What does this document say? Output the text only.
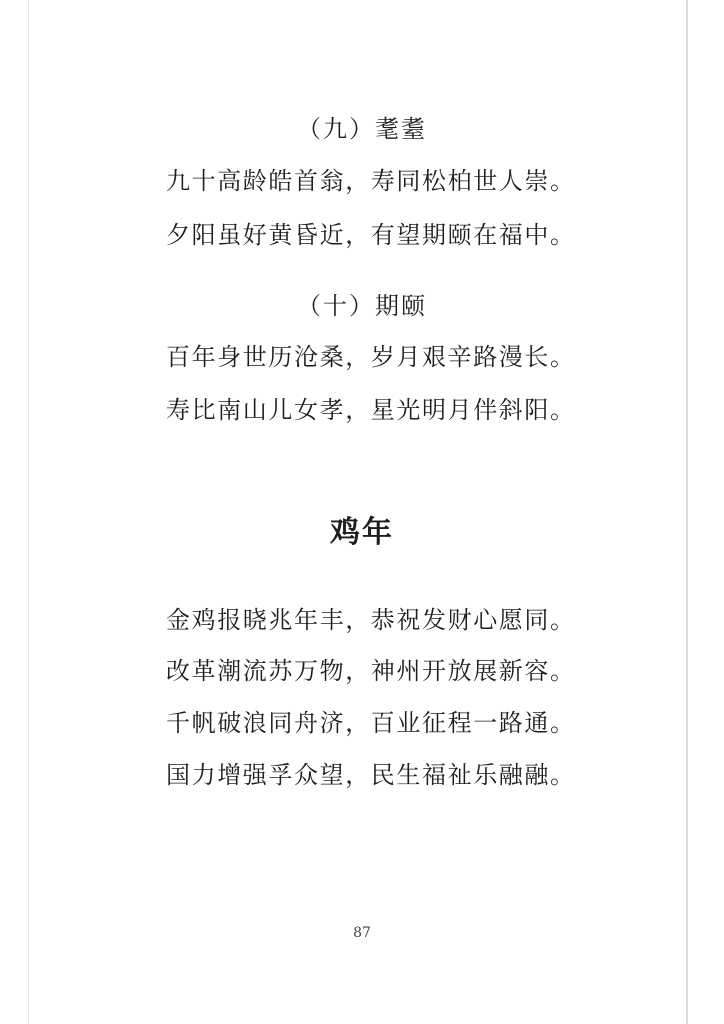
（九）耄耋
九十高龄皓首翁，寿同松柏世人崇。
夕阳虽好黄昏近，有望期颐在福中。
（十）期颐
百年身世历沧桑，岁月艰辛路漫长。
寿比南山儿女孝，星光明月伴斜阳。
鸡年
金鸡报晓兆年丰，恭祝发财心愿同。
改革潮流苏万物，神州开放展新容。
千帆破浪同舟济，百业征程一路通。
国力增强孚众望，民生福祉乐融融。
87
